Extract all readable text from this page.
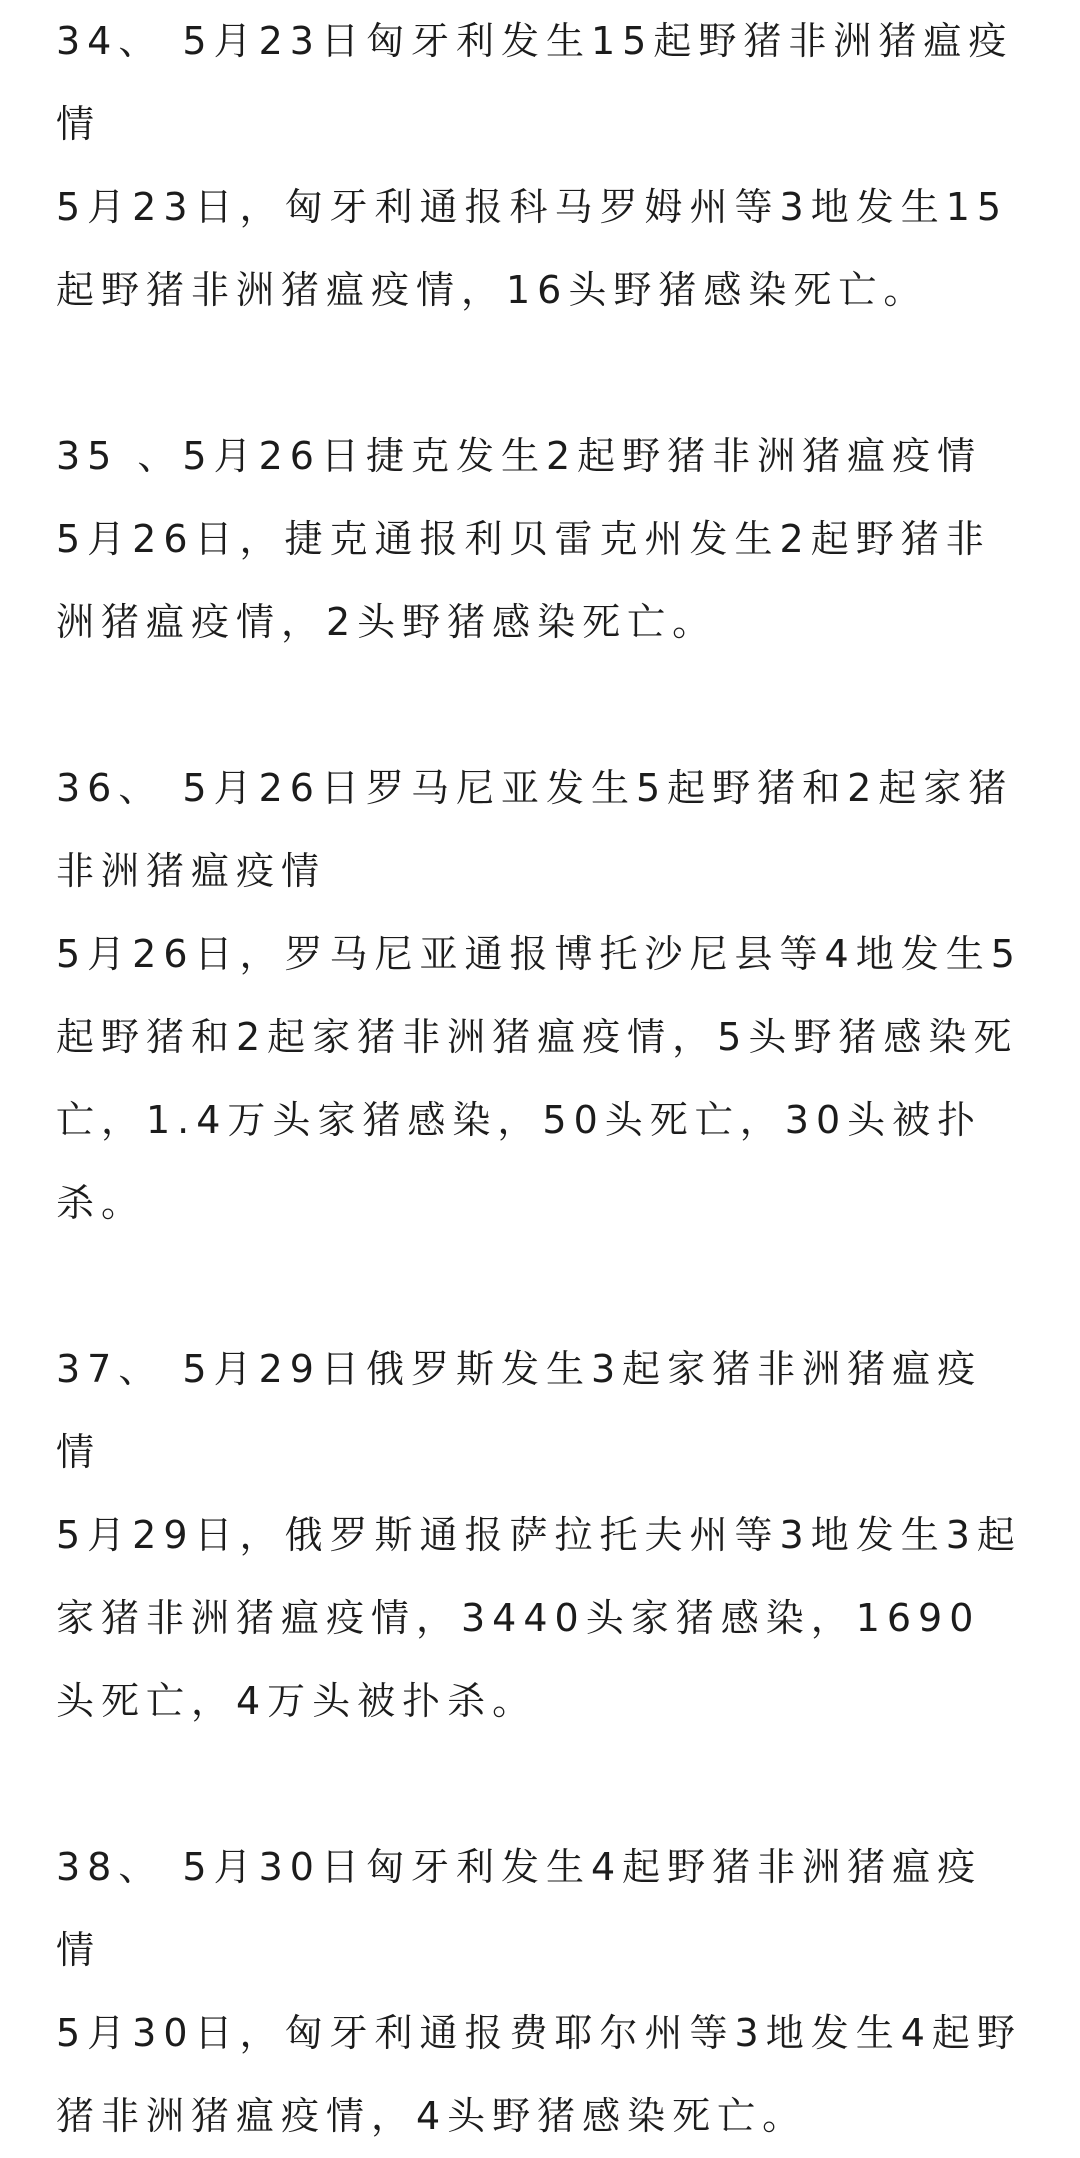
34、 5月23日匈牙利发生15起野猪非洲猪瘟疫情

5月23日，匈牙利通报科马罗姆州等3地发生15起野猪非洲猪瘟疫情，16头野猪感染死亡。

35 、5月26日捷克发生2起野猪非洲猪瘟疫情

5月26日，捷克通报利贝雷克州发生2起野猪非洲猪瘟疫情，2头野猪感染死亡。

36、 5月26日罗马尼亚发生5起野猪和2起家猪非洲猪瘟疫情

5月26日，罗马尼亚通报博托沙尼县等4地发生5起野猪和2起家猪非洲猪瘟疫情，5头野猪感染死亡，1.4万头家猪感染，50头死亡，30头被扑杀。

37、 5月29日俄罗斯发生3起家猪非洲猪瘟疫情

5月29日，俄罗斯通报萨拉托夫州等3地发生3起家猪非洲猪瘟疫情，3440头家猪感染，1690头死亡，4万头被扑杀。

38、 5月30日匈牙利发生4起野猪非洲猪瘟疫情

5月30日，匈牙利通报费耶尔州等3地发生4起野猪非洲猪瘟疫情，4头野猪感染死亡。
